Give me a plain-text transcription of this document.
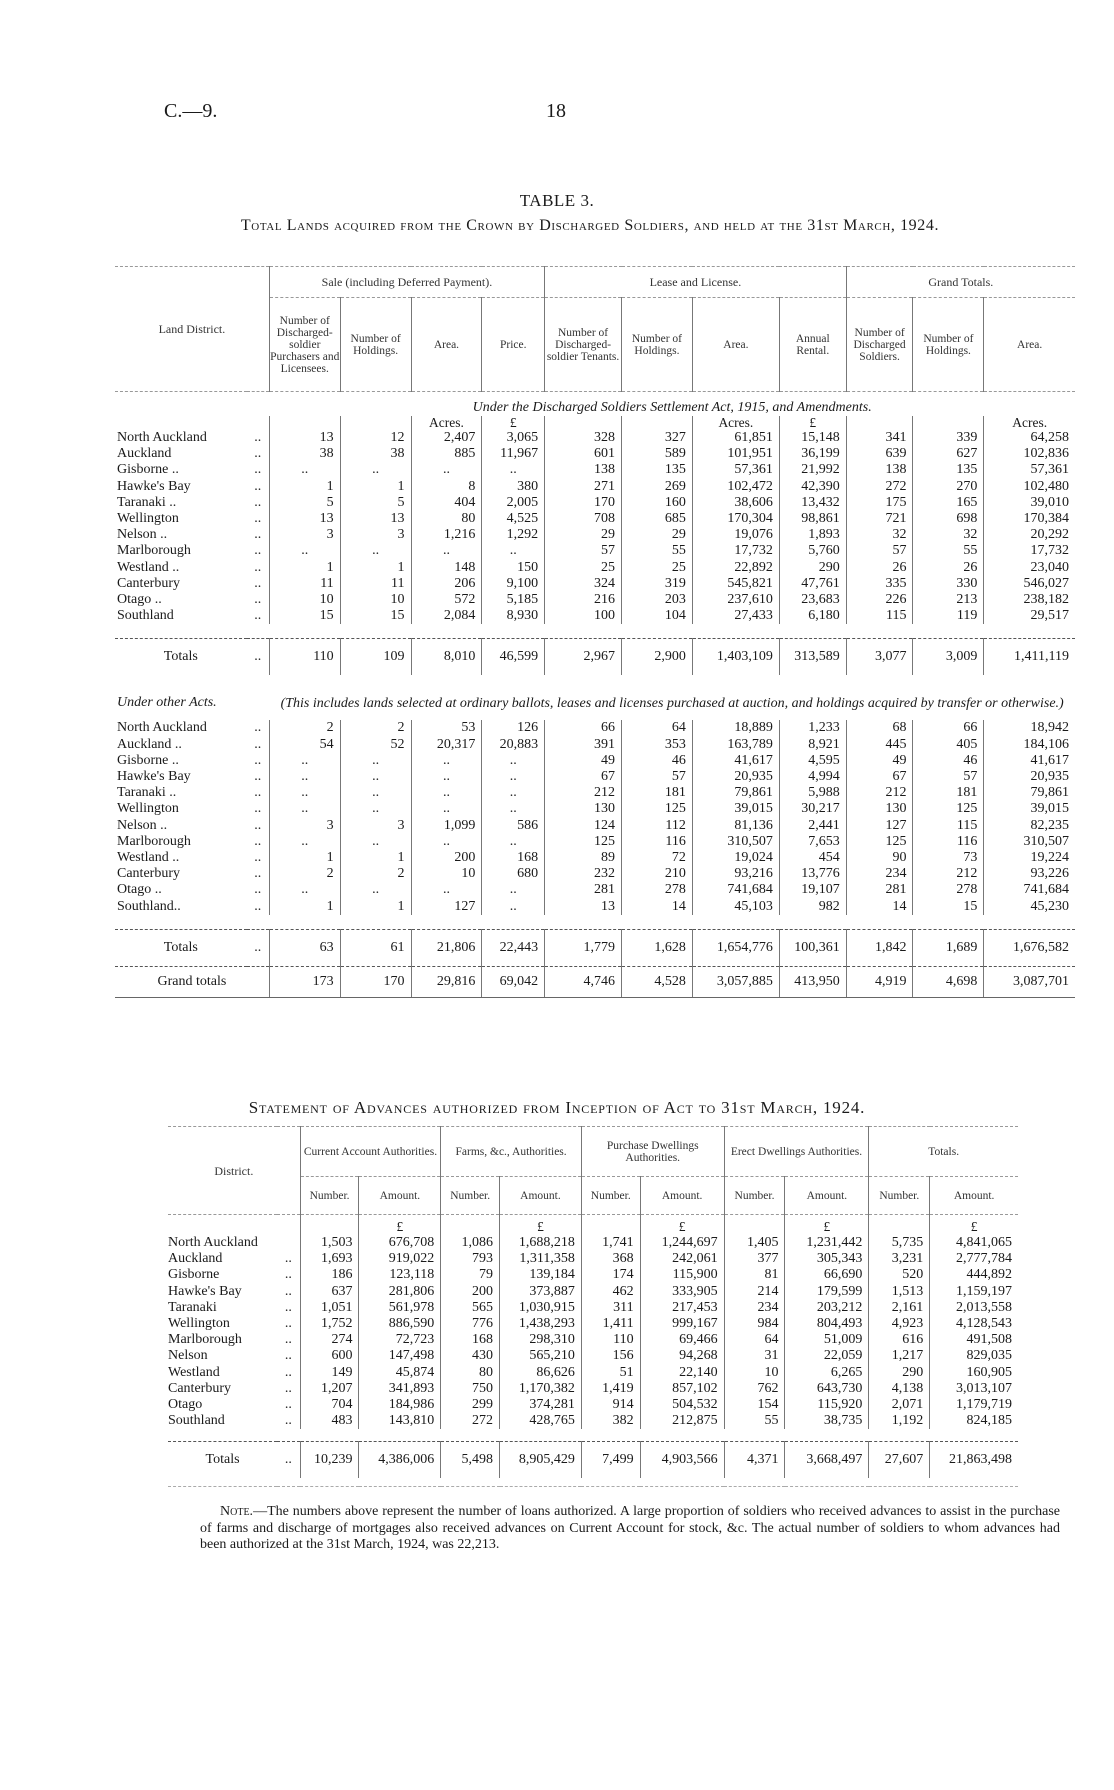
C.—9.	18
TABLE 3.
Total Lands acquired from the Crown by Discharged Soldiers, and held at the 31st March, 1924.
Land District.		Sale (including Deferred Payment).				Lease and License.				Grand Totals.		
		Number of Discharged-soldier Purchasers and Licensees.	Number of Holdings.	Area.	Price.	Number of Discharged-soldier Tenants.	Number of Holdings.	Area.	Annual Rental.	Number of Discharged Soldiers.	Number of Holdings.	Area.
		Under the Discharged Soldiers Settlement Act, 1915, and Amendments.										
				Acres.	£			Acres.	£			Acres.
North Auckland	..	13	12	2,407	3,065	328	327	61,851	15,148	341	339	64,258
Auckland	..	38	38	885	11,967	601	589	101,951	36,199	639	627	102,836
Gisborne ..	..	..	..	..	..	138	135	57,361	21,992	138	135	57,361
Hawke's Bay	..	1	1	8	380	271	269	102,472	42,390	272	270	102,480
Taranaki ..	..	5	5	404	2,005	170	160	38,606	13,432	175	165	39,010
Wellington	..	13	13	80	4,525	708	685	170,304	98,861	721	698	170,384
Nelson ..	..	3	3	1,216	1,292	29	29	19,076	1,893	32	32	20,292
Marlborough	..	..	..	..	..	57	55	17,732	5,760	57	55	17,732
Westland ..	..	1	1	148	150	25	25	22,892	290	26	26	23,040
Canterbury	..	11	11	206	9,100	324	319	545,821	47,761	335	330	546,027
Otago ..	..	10	10	572	5,185	216	203	237,610	23,683	226	213	238,182
Southland	..	15	15	2,084	8,930	100	104	27,433	6,180	115	119	29,517

Totals	..	110	109	8,010	46,599	2,967	2,900	1,403,109	313,589	3,077	3,009	1,411,119
Under other Acts.		(This includes lands selected at ordinary ballots, leases and licenses purchased at auction, and holdings acquired by transfer or otherwise.)										
North Auckland	..	2	2	53	126	66	64	18,889	1,233	68	66	18,942
Auckland ..	..	54	52	20,317	20,883	391	353	163,789	8,921	445	405	184,106
Gisborne ..	..	..	..	..	..	49	46	41,617	4,595	49	46	41,617
Hawke's Bay	..	..	..	..	..	67	57	20,935	4,994	67	57	20,935
Taranaki ..	..	..	..	..	..	212	181	79,861	5,988	212	181	79,861
Wellington	..	..	..	..	..	130	125	39,015	30,217	130	125	39,015
Nelson ..	..	3	3	1,099	586	124	112	81,136	2,441	127	115	82,235
Marlborough	..	..	..	..	..	125	116	310,507	7,653	125	116	310,507
Westland ..	..	1	1	200	168	89	72	19,024	454	90	73	19,224
Canterbury	..	2	2	10	680	232	210	93,216	13,776	234	212	93,226
Otago ..	..	..	..	..	..	281	278	741,684	19,107	281	278	741,684
Southland..	..	1	1	127	..	13	14	45,103	982	14	15	45,230

Totals	..	63	61	21,806	22,443	1,779	1,628	1,654,776	100,361	1,842	1,689	1,676,582
Grand totals		173	170	29,816	69,042	4,746	4,528	3,057,885	413,950	4,919	4,698	3,087,701
Statement of Advances authorized from Inception of Act to 31st March, 1924.
District.		Current Account Authorities.		Farms, &c., Authorities.		Purchase Dwellings Authorities.		Erect Dwellings Authorities.		Totals.	
		Number.	Amount.	Number.	Amount.	Number.	Amount.	Number.	Amount.	Number.	Amount.
			£		£		£		£		£
North Auckland		1,503	676,708	1,086	1,688,218	1,741	1,244,697	1,405	1,231,442	5,735	4,841,065
Auckland	..	1,693	919,022	793	1,311,358	368	242,061	377	305,343	3,231	2,777,784
Gisborne	..	186	123,118	79	139,184	174	115,900	81	66,690	520	444,892
Hawke's Bay	..	637	281,806	200	373,887	462	333,905	214	179,599	1,513	1,159,197
Taranaki	..	1,051	561,978	565	1,030,915	311	217,453	234	203,212	2,161	2,013,558
Wellington	..	1,752	886,590	776	1,438,293	1,411	999,167	984	804,493	4,923	4,128,543
Marlborough	..	274	72,723	168	298,310	110	69,466	64	51,009	616	491,508
Nelson	..	600	147,498	430	565,210	156	94,268	31	22,059	1,217	829,035
Westland	..	149	45,874	80	86,626	51	22,140	10	6,265	290	160,905
Canterbury	..	1,207	341,893	750	1,170,382	1,419	857,102	762	643,730	4,138	3,013,107
Otago	..	704	184,986	299	374,281	914	504,532	154	115,920	2,071	1,179,719
Southland	..	483	143,810	272	428,765	382	212,875	55	38,735	1,192	824,185

Totals	..	10,239	4,386,006	5,498	8,905,429	7,499	4,903,566	4,371	3,668,497	27,607	21,863,498

Note.—The numbers above represent the number of loans authorized. A large proportion of soldiers who received advances to assist in the purchase of farms and discharge of mortgages also received advances on Current Account for stock, &c. The actual number of soldiers to whom advances had been authorized at the 31st March, 1924, was 22,213.
